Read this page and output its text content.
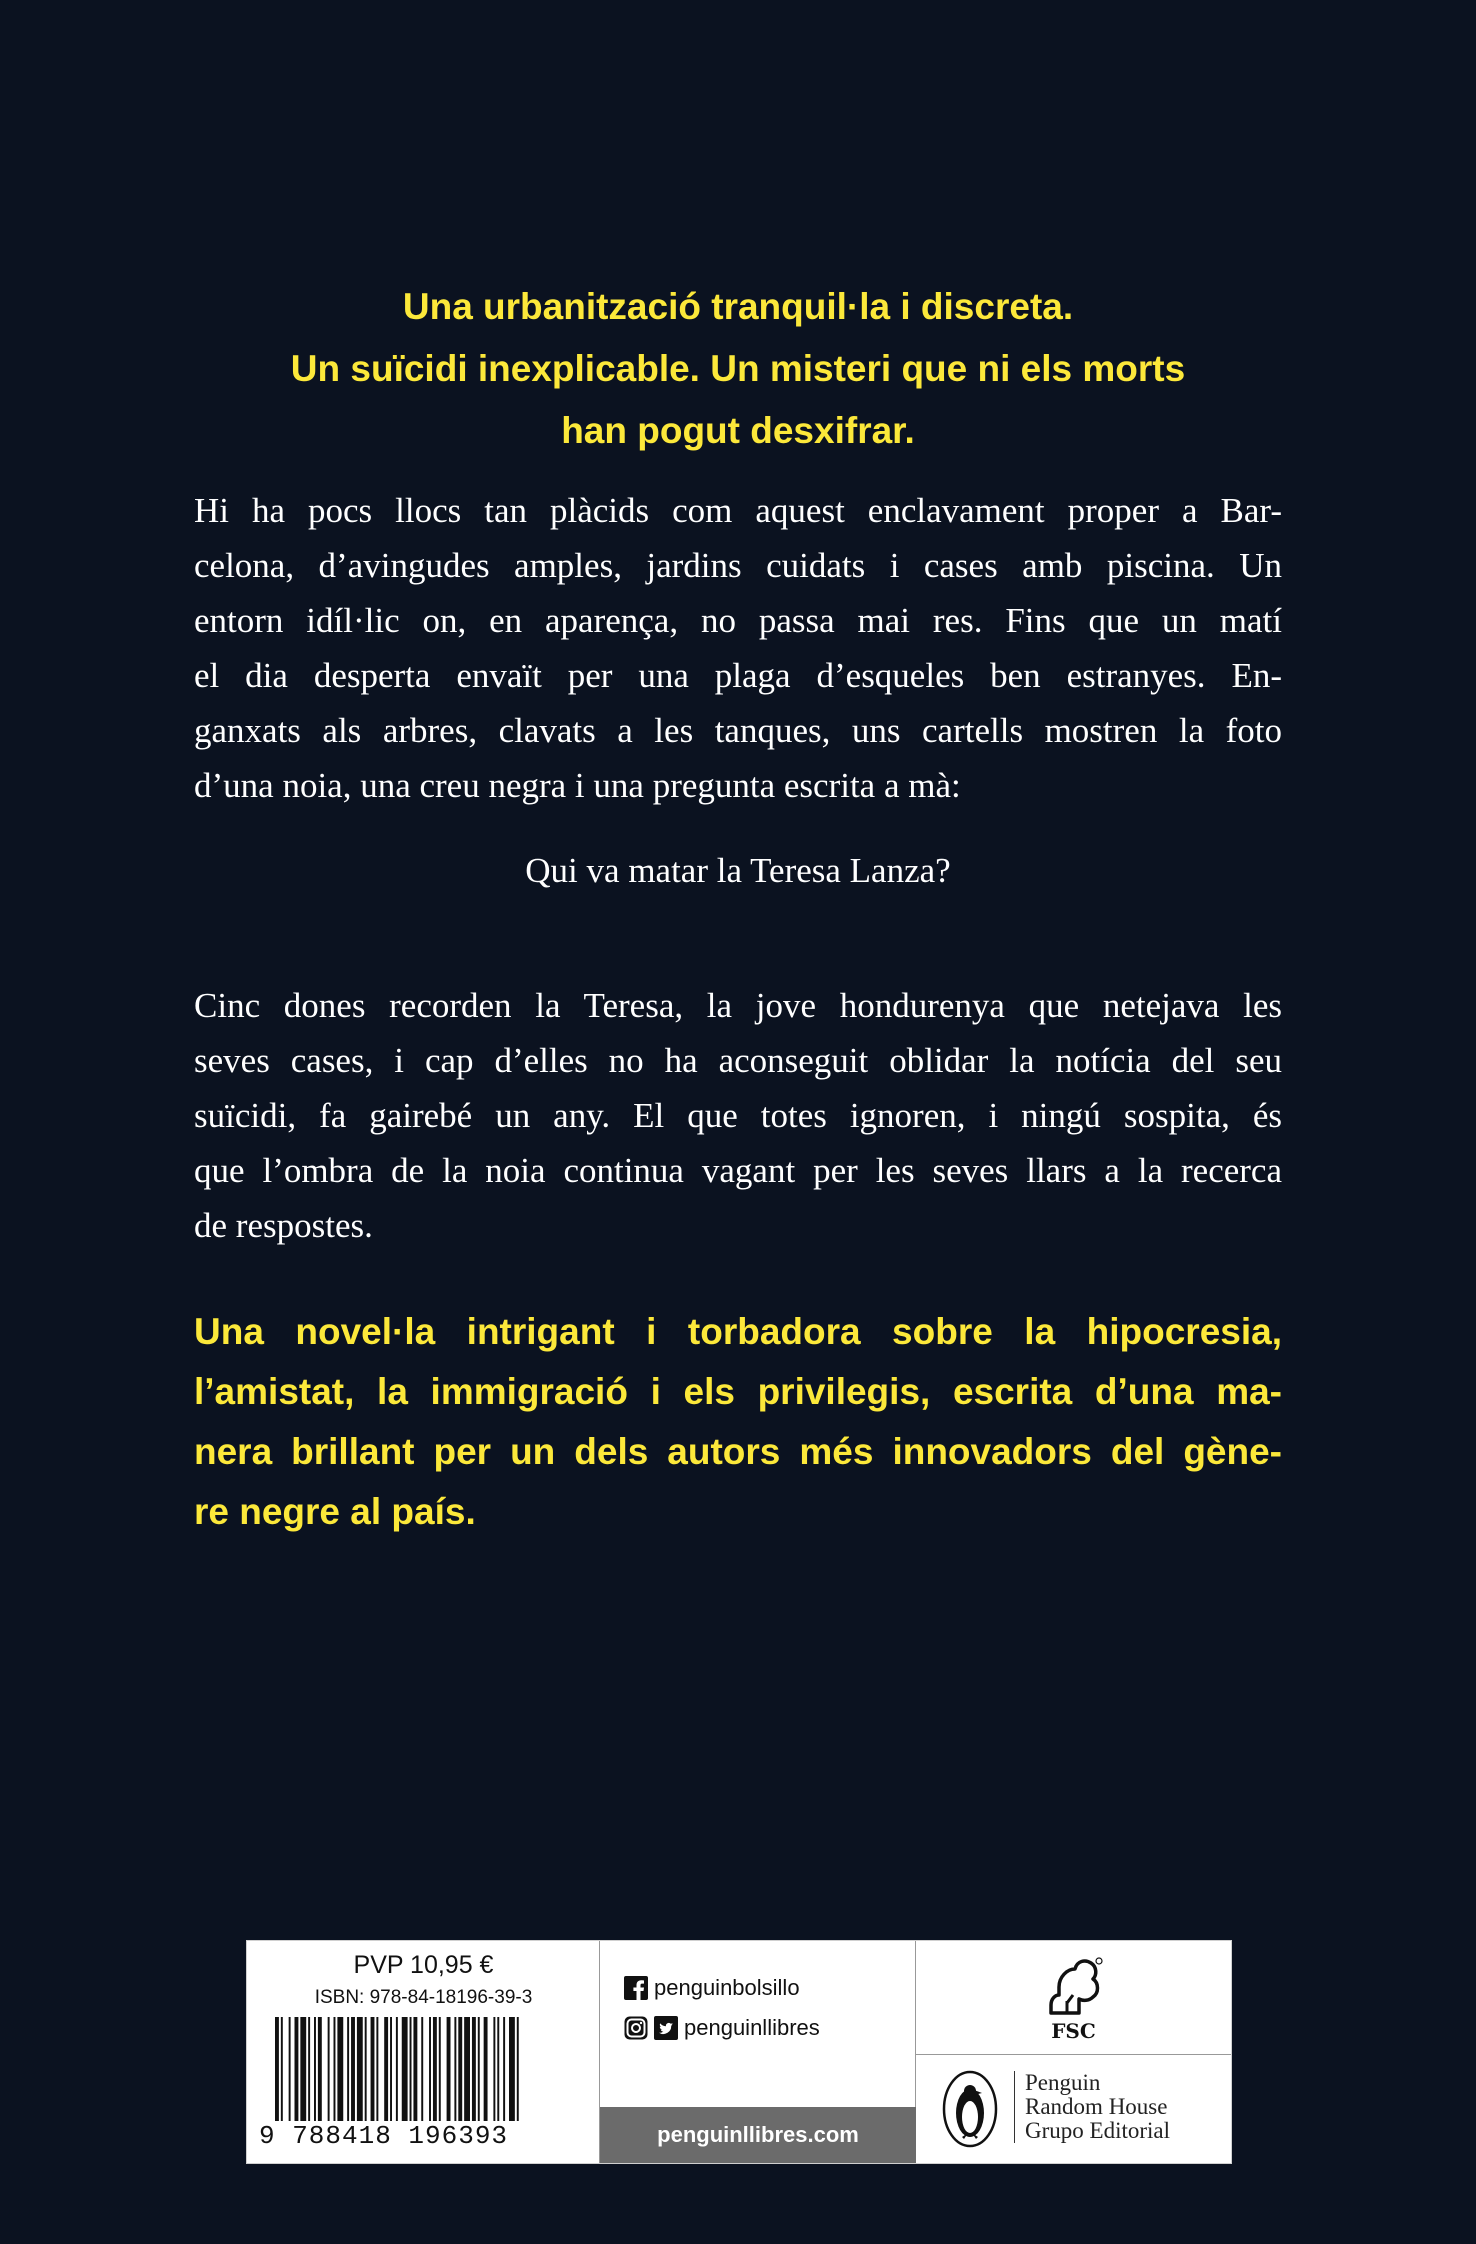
Una urbanització tranquil·la i discreta.
Un suïcidi inexplicable. Un misteri que ni els morts
han pogut desxifrar.
Hi ha pocs llocs tan plàcids com aquest enclavament proper a Bar-
celona, d’avingudes amples, jardins cuidats i cases amb piscina. Un
entorn idíl·lic on, en aparença, no passa mai res. Fins que un matí
el dia desperta envaït per una plaga d’esqueles ben estranyes. En-
ganxats als arbres, clavats a les tanques, uns cartells mostren la foto
d’una noia, una creu negra i una pregunta escrita a mà:
Qui va matar la Teresa Lanza?
Cinc dones recorden la Teresa, la jove hondurenya que netejava les
seves cases, i cap d’elles no ha aconseguit oblidar la notícia del seu
suïcidi, fa gairebé un any. El que totes ignoren, i ningú sospita, és
que l’ombra de la noia continua vagant per les seves llars a la recerca
de respostes.
Una novel·la intrigant i torbadora sobre la hipocresia,
l’amistat, la immigració i els privilegis, escrita d’una ma-
nera brillant per un dels autors més innovadors del gène-
re negre al país.
PVP 10,95 €
ISBN: 978-84-18196-39-3
9 788418 196393
penguinbolsillo
penguinllibres
penguinllibres.com
FSC
Penguin
Random House
Grupo Editorial
